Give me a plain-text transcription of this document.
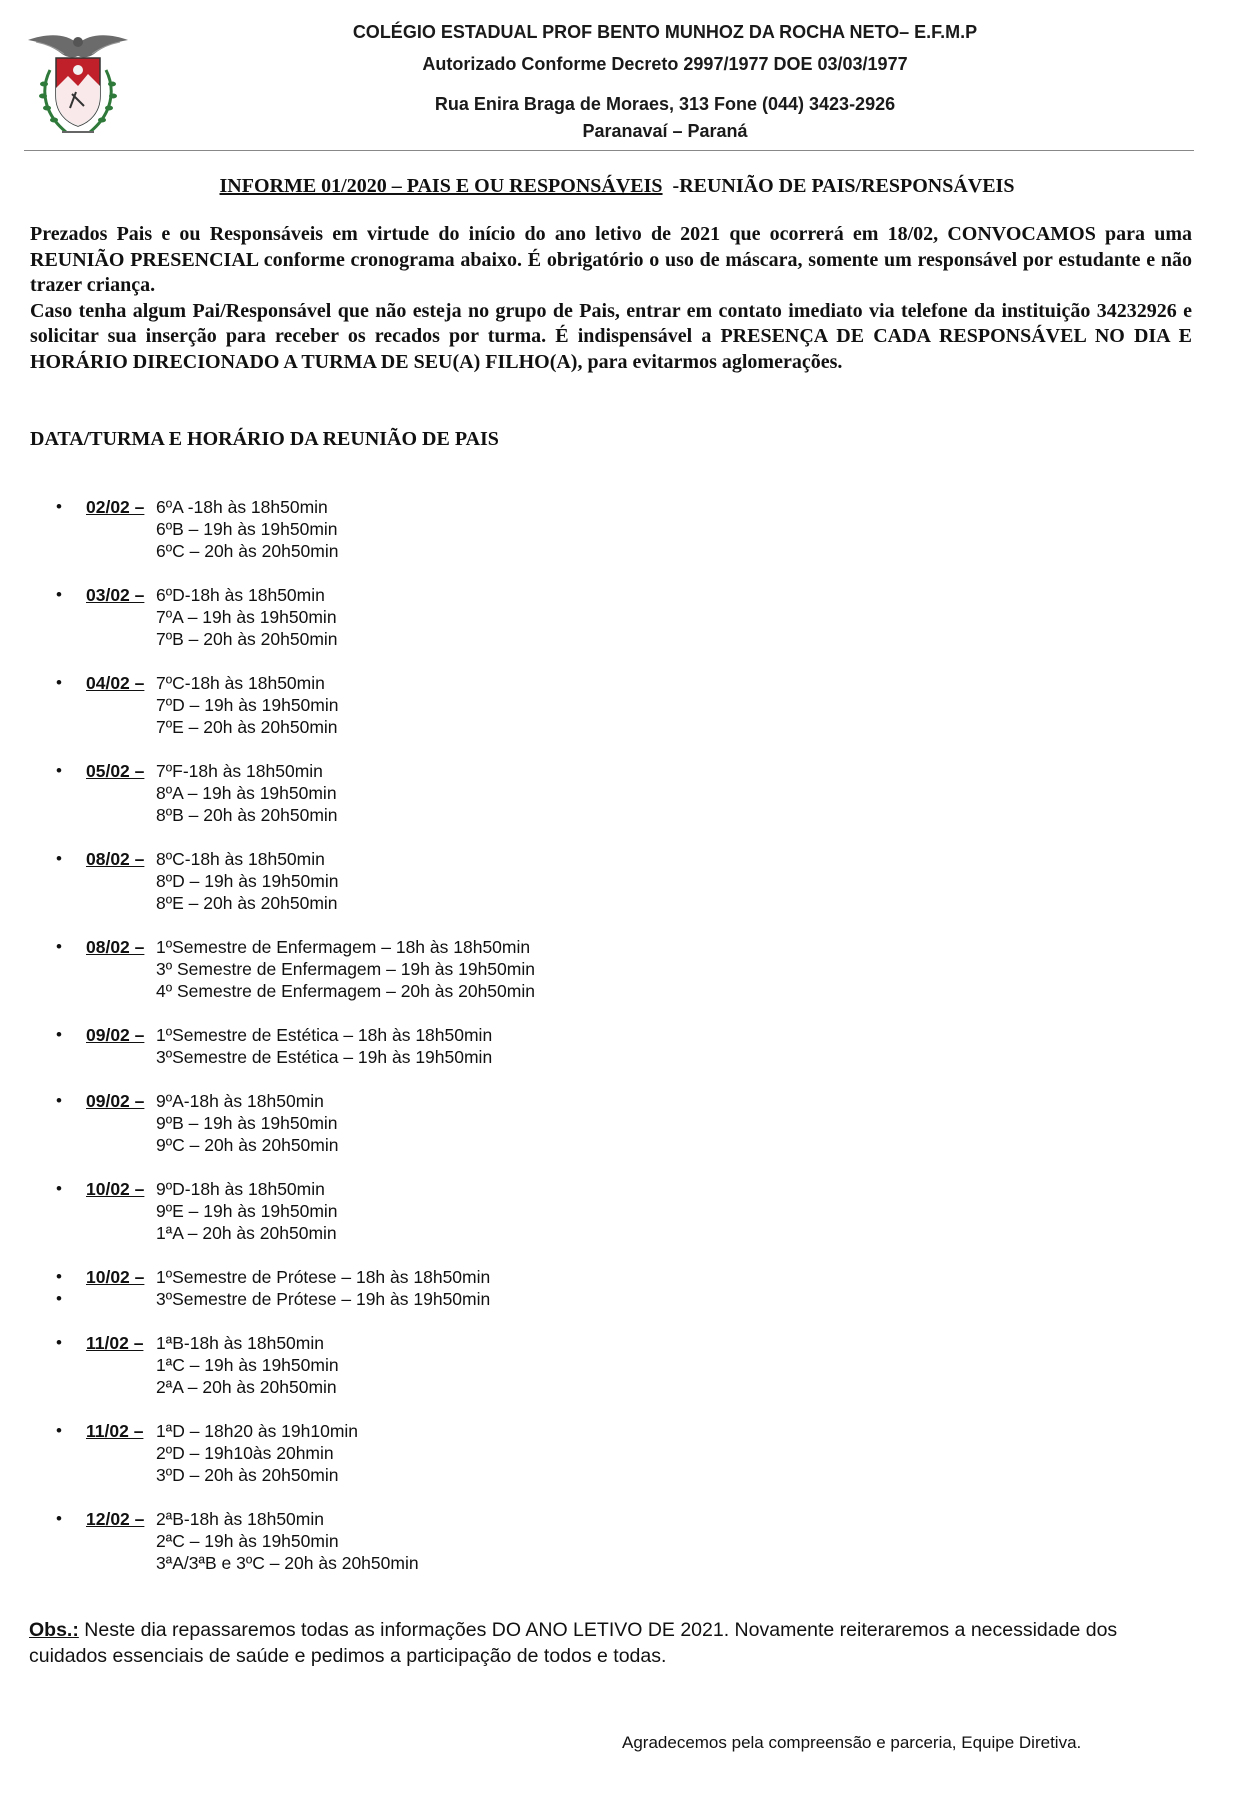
COLÉGIO ESTADUAL PROF BENTO MUNHOZ DA ROCHA NETO– E.F.M.P
Autorizado Conforme Decreto 2997/1977 DOE 03/03/1977
Rua Enira Braga de Moraes, 313 Fone (044) 3423-2926
Paranavaí – Paraná
INFORME 01/2020 – PAIS E OU RESPONSÁVEIS  -REUNIÃO DE PAIS/RESPONSÁVEIS

Prezados Pais e ou Responsáveis em virtude do início do ano letivo de 2021 que ocorrerá em 18/02, CONVOCAMOS para uma REUNIÃO PRESENCIAL conforme cronograma abaixo. É obrigatório o uso de máscara, somente um responsável por estudante e não trazer criança.

Caso tenha algum Pai/Responsável que não esteja no grupo de Pais, entrar em contato imediato via telefone da instituição 34232926 e solicitar sua inserção para receber os recados por turma. É indispensável a PRESENÇA DE CADA RESPONSÁVEL NO DIA E HORÁRIO DIRECIONADO A TURMA DE SEU(A) FILHO(A), para evitarmos aglomerações.

DATA/TURMA E HORÁRIO DA REUNIÃO DE PAIS
• 02/02 – 6ºA -18h às 18h50min
6ºB – 19h às 19h50min
6ºC – 20h às 20h50min
• 03/02 – 6ºD-18h às 18h50min
7ºA – 19h às 19h50min
7ºB – 20h às 20h50min
• 04/02 – 7ºC-18h às 18h50min
7ºD – 19h às 19h50min
7ºE – 20h às 20h50min
• 05/02 – 7ºF-18h às 18h50min
8ºA – 19h às 19h50min
8ºB – 20h às 20h50min
• 08/02 – 8ºC-18h às 18h50min
8ºD – 19h às 19h50min
8ºE – 20h às 20h50min
• 08/02 – 1ºSemestre de Enfermagem – 18h às 18h50min
3º Semestre de Enfermagem – 19h às 19h50min
4º Semestre de Enfermagem – 20h às 20h50min
• 09/02 – 1ºSemestre de Estética – 18h às 18h50min
3ºSemestre de Estética – 19h às 19h50min
• 09/02 – 9ºA-18h às 18h50min
9ºB – 19h às 19h50min
9ºC – 20h às 20h50min
• 10/02 – 9ºD-18h às 18h50min
9ºE – 19h às 19h50min
1ªA – 20h às 20h50min
• 10/02 – 1ºSemestre de Prótese – 18h às 18h50min
•	3ºSemestre de Prótese – 19h às 19h50min
• 11/02 – 1ªB-18h às 18h50min
1ªC – 19h às 19h50min
2ªA – 20h às 20h50min
• 11/02 – 1ªD – 18h20 às 19h10min
2ºD – 19h10às 20hmin
3ºD – 20h às 20h50min
• 12/02 – 2ªB-18h às 18h50min
2ªC – 19h às 19h50min
3ªA/3ªB e 3ºC – 20h às 20h50min
Obs.: Neste dia repassaremos todas as informações DO ANO LETIVO DE 2021. Novamente reiteraremos a necessidade dos cuidados essenciais de saúde e pedimos a participação de todos e todas.
Agradecemos pela compreensão e parceria, Equipe Diretiva.
